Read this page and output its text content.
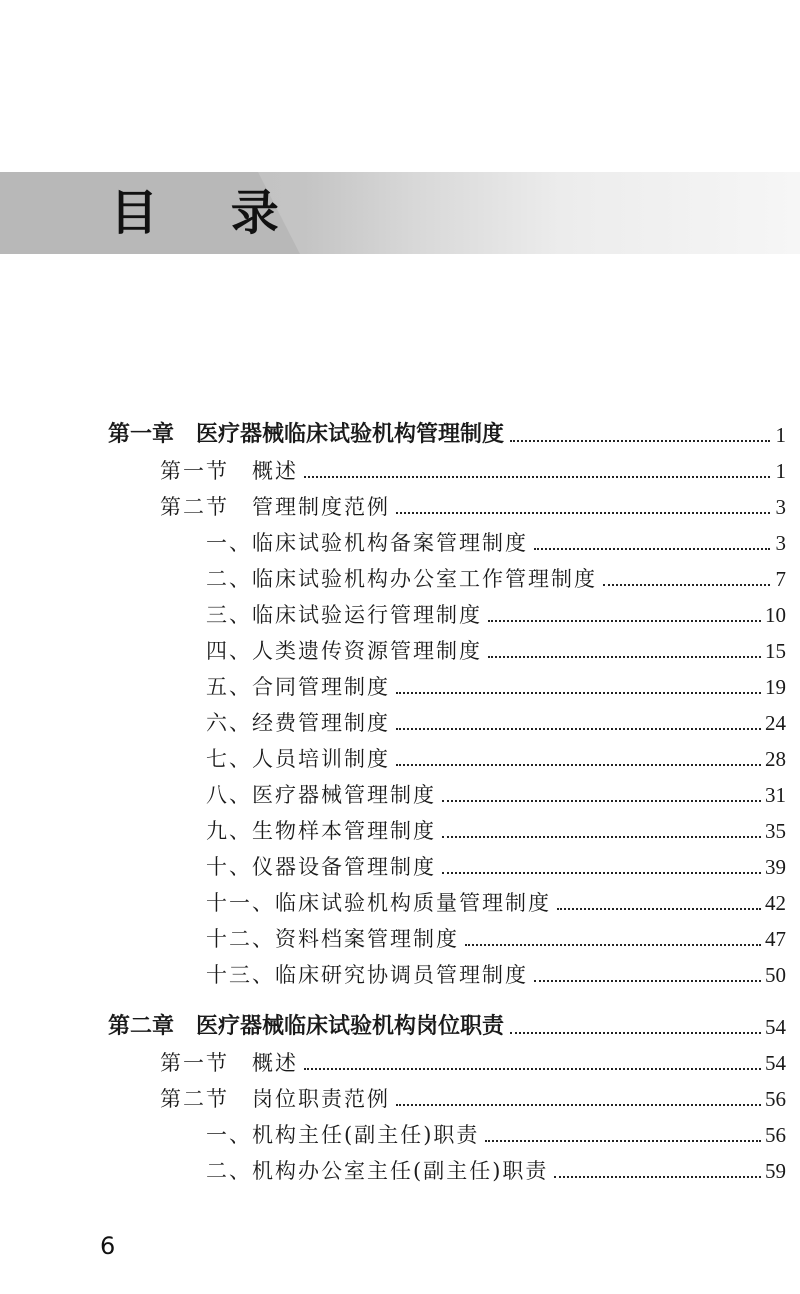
目 录
第一章　医疗器械临床试验机构管理制度	1
第一节　概述	1
第二节　管理制度范例	3
一、临床试验机构备案管理制度	3
二、临床试验机构办公室工作管理制度	7
三、临床试验运行管理制度	10
四、人类遗传资源管理制度	15
五、合同管理制度	19
六、经费管理制度	24
七、人员培训制度	28
八、医疗器械管理制度	31
九、生物样本管理制度	35
十、仪器设备管理制度	39
十一、临床试验机构质量管理制度	42
十二、资料档案管理制度	47
十三、临床研究协调员管理制度	50
第二章　医疗器械临床试验机构岗位职责	54
第一节　概述	54
第二节　岗位职责范例	56
一、机构主任(副主任)职责	56
二、机构办公室主任(副主任)职责	59
6
